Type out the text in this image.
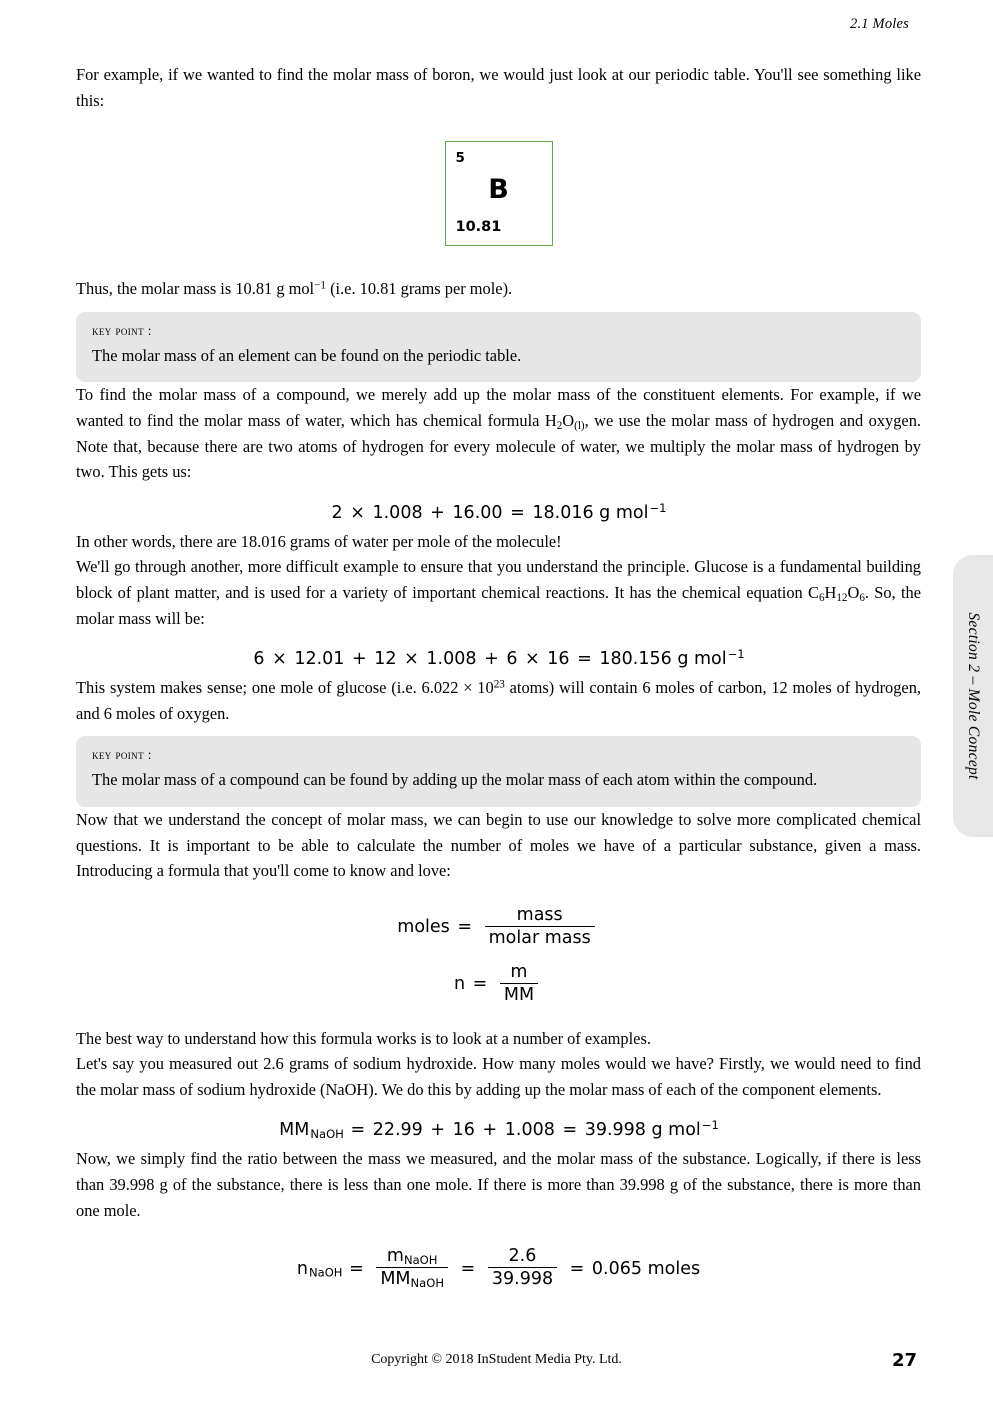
2.1 Moles

For example, if we wanted to find the molar mass of boron, we would just look at our periodic table. You'll see something like this:

5
B
10.81

Thus, the molar mass is 10.81 g mol$^{-1}$ (i.e. 10.81 grams per mole).

key point :
The molar mass of an element can be found on the periodic table.

To find the molar mass of a compound, we merely add up the molar mass of the constituent elements. For example, if we wanted to find the molar mass of water, which has chemical formula $H_2O_{(l)}$, we use the molar mass of hydrogen and oxygen. Note that, because there are two atoms of hydrogen for every molecule of water, we multiply the molar mass of hydrogen by two. This gets us:

2 × 1.008 + 16.00 = 18.016 g mol$^{-1}$

In other words, there are 18.016 grams of water per mole of the molecule!

We'll go through another, more difficult example to ensure that you understand the principle. Glucose is a fundamental building block of plant matter, and is used for a variety of important chemical reactions. It has the chemical equation $C_6H_{12}O_6$. So, the molar mass will be:

6 × 12.01 + 12 × 1.008 + 6 × 16 = 180.156 g mol$^{-1}$

This system makes sense; one mole of glucose (i.e. $6.022 \times 10^{23}$ atoms) will contain 6 moles of carbon, 12 moles of hydrogen, and 6 moles of oxygen.

key point :
The molar mass of a compound can be found by adding up the molar mass of each atom within the compound.

Now that we understand the concept of molar mass, we can begin to use our knowledge to solve more complicated chemical questions. It is important to be able to calculate the number of moles we have of a particular substance, given a mass. Introducing a formula that you'll come to know and love:

moles = $\frac{\text{mass}}{\text{molar mass}}$
$n = \frac{m}{MM}$

The best way to understand how this formula works is to look at a number of examples.

Let's say you measured out 2.6 grams of sodium hydroxide. How many moles would we have? Firstly, we would need to find the molar mass of sodium hydroxide (NaOH). We do this by adding up the molar mass of each of the component elements.

$MM_{NaOH} = 22.99 + 16 + 1.008 = 39.998$ g mol$^{-1}$

Now, we simply find the ratio between the mass we measured, and the molar mass of the substance. Logically, if there is less than 39.998 g of the substance, there is less than one mole. If there is more than 39.998 g of the substance, there is more than one mole.

$n_{NaOH} = \frac{m_{NaOH}}{MM_{NaOH}} = \frac{2.6}{39.998} = 0.065$ moles
Section 2 – Mole Concept
Copyright © 2018 InStudent Media Pty. Ltd.	27
